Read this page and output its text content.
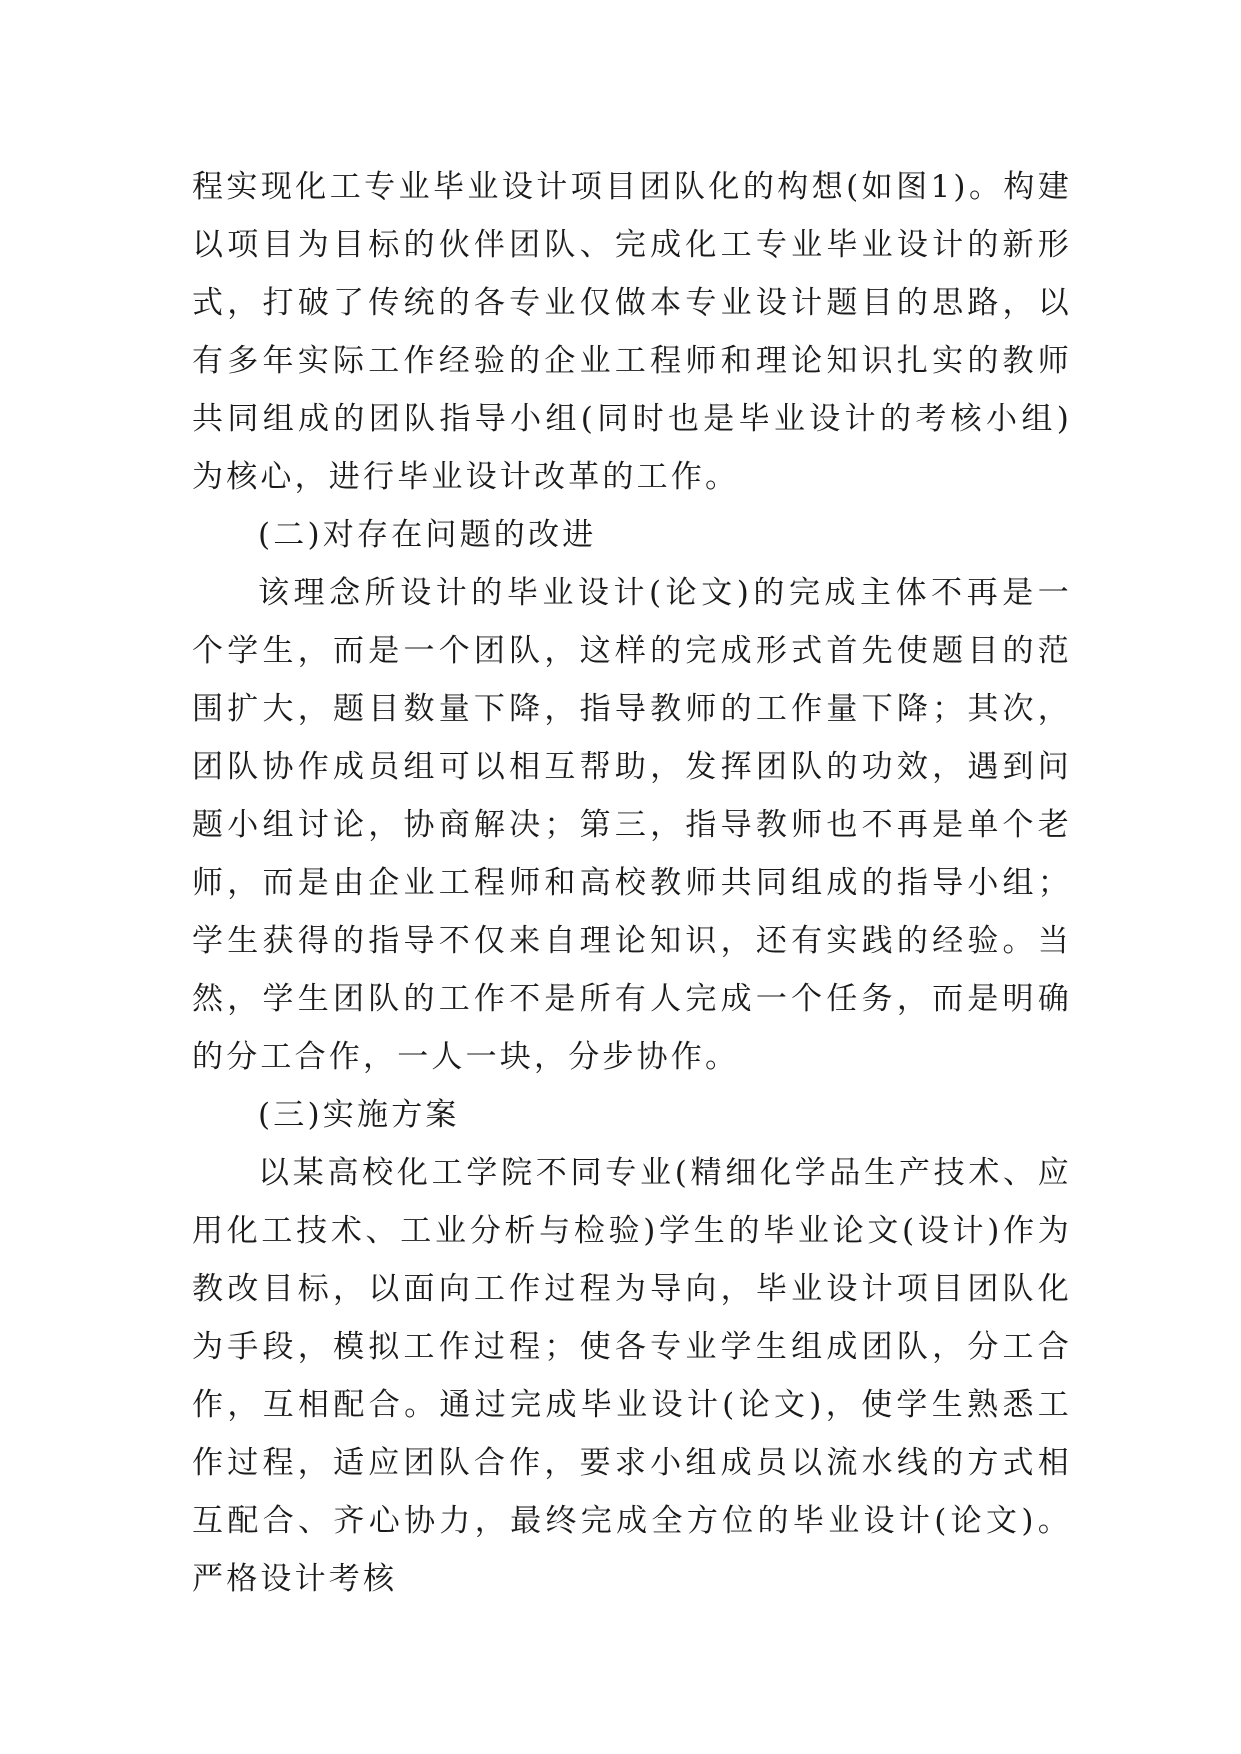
程实现化工专业毕业设计项目团队化的构想(如图1)。构建以项目为目标的伙伴团队、完成化工专业毕业设计的新形式，打破了传统的各专业仅做本专业设计题目的思路，以有多年实际工作经验的企业工程师和理论知识扎实的教师共同组成的团队指导小组(同时也是毕业设计的考核小组)为核心，进行毕业设计改革的工作。

(二)对存在问题的改进

该理念所设计的毕业设计(论文)的完成主体不再是一个学生，而是一个团队，这样的完成形式首先使题目的范围扩大，题目数量下降，指导教师的工作量下降；其次，团队协作成员组可以相互帮助，发挥团队的功效，遇到问题小组讨论，协商解决；第三，指导教师也不再是单个老师，而是由企业工程师和高校教师共同组成的指导小组；学生获得的指导不仅来自理论知识，还有实践的经验。当然，学生团队的工作不是所有人完成一个任务，而是明确的分工合作，一人一块，分步协作。

(三)实施方案

以某高校化工学院不同专业(精细化学品生产技术、应用化工技术、工业分析与检验)学生的毕业论文(设计)作为教改目标，以面向工作过程为导向，毕业设计项目团队化为手段，模拟工作过程；使各专业学生组成团队，分工合作，互相配合。通过完成毕业设计(论文)，使学生熟悉工作过程，适应团队合作，要求小组成员以流水线的方式相互配合、齐心协力，最终完成全方位的毕业设计(论文)。严格设计考核
